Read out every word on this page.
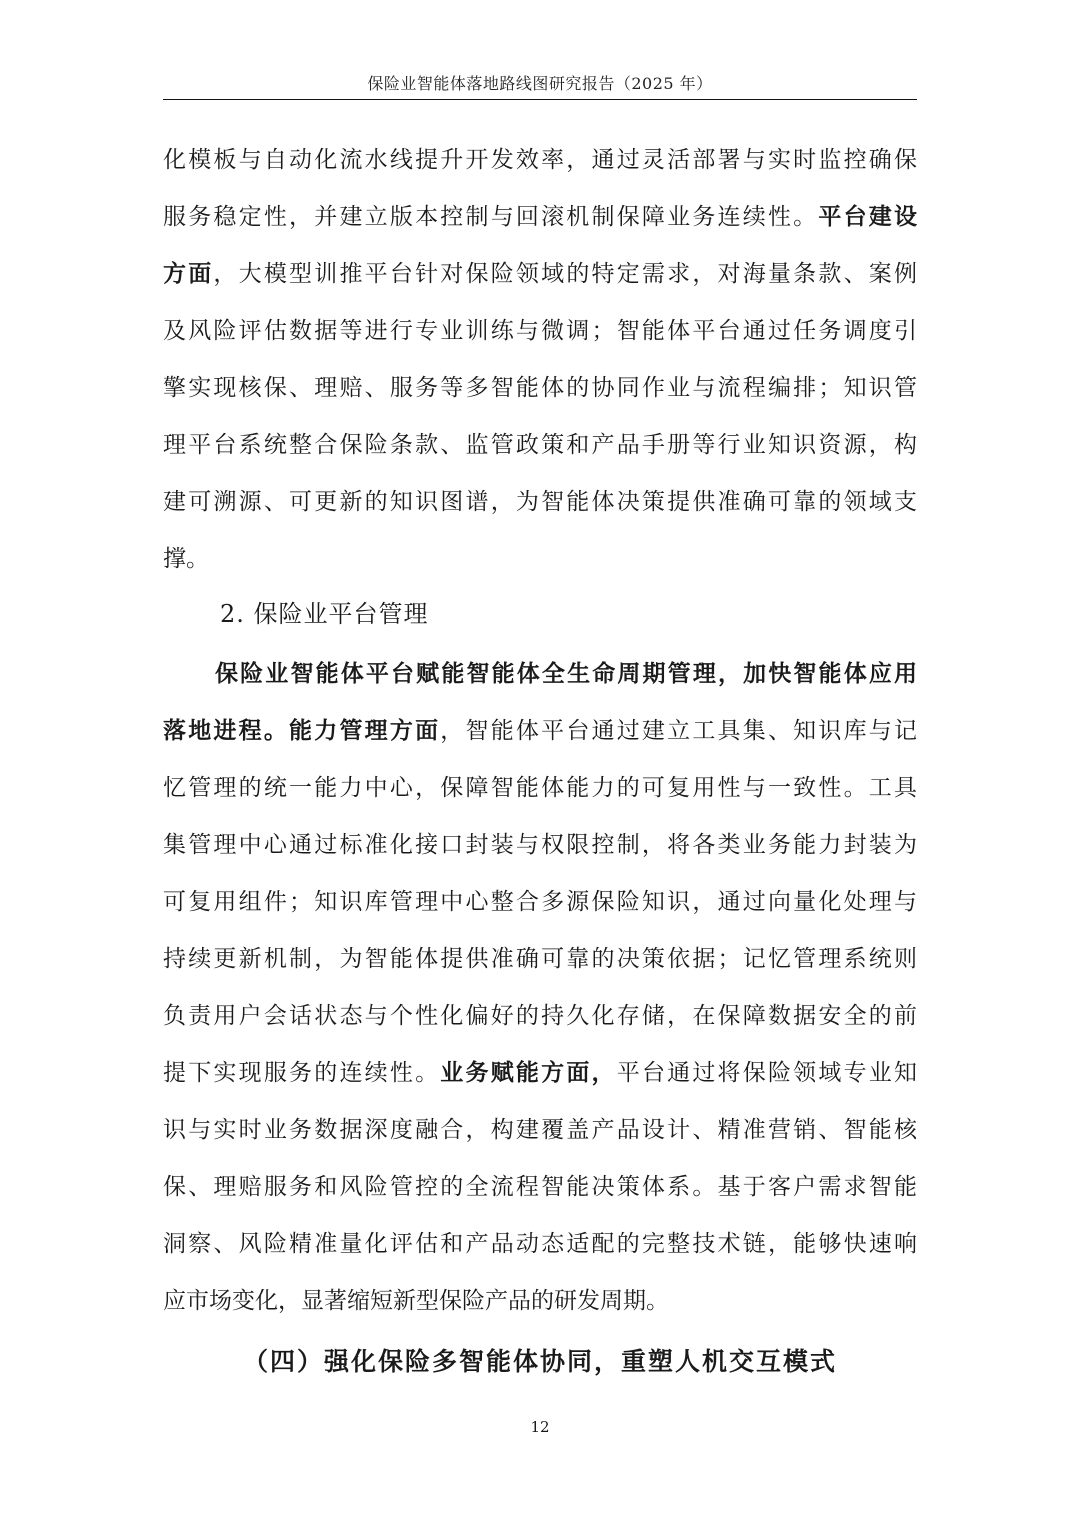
保险业智能体落地路线图研究报告（2025 年）
化模板与自动化流水线提升开发效率，通过灵活部署与实时监控确保
服务稳定性，并建立版本控制与回滚机制保障业务连续性。平台建设
方面，大模型训推平台针对保险领域的特定需求，对海量条款、案例
及风险评估数据等进行专业训练与微调；智能体平台通过任务调度引
擎实现核保、理赔、服务等多智能体的协同作业与流程编排；知识管
理平台系统整合保险条款、监管政策和产品手册等行业知识资源，构
建可溯源、可更新的知识图谱，为智能体决策提供准确可靠的领域支
撑。
2. 保险业平台管理
保险业智能体平台赋能智能体全生命周期管理，加快智能体应用
落地进程。能力管理方面，智能体平台通过建立工具集、知识库与记
忆管理的统一能力中心，保障智能体能力的可复用性与一致性。工具
集管理中心通过标准化接口封装与权限控制，将各类业务能力封装为
可复用组件；知识库管理中心整合多源保险知识，通过向量化处理与
持续更新机制，为智能体提供准确可靠的决策依据；记忆管理系统则
负责用户会话状态与个性化偏好的持久化存储，在保障数据安全的前
提下实现服务的连续性。业务赋能方面，平台通过将保险领域专业知
识与实时业务数据深度融合，构建覆盖产品设计、精准营销、智能核
保、理赔服务和风险管控的全流程智能决策体系。基于客户需求智能
洞察、风险精准量化评估和产品动态适配的完整技术链，能够快速响
应市场变化，显著缩短新型保险产品的研发周期。
（四）强化保险多智能体协同，重塑人机交互模式
12
